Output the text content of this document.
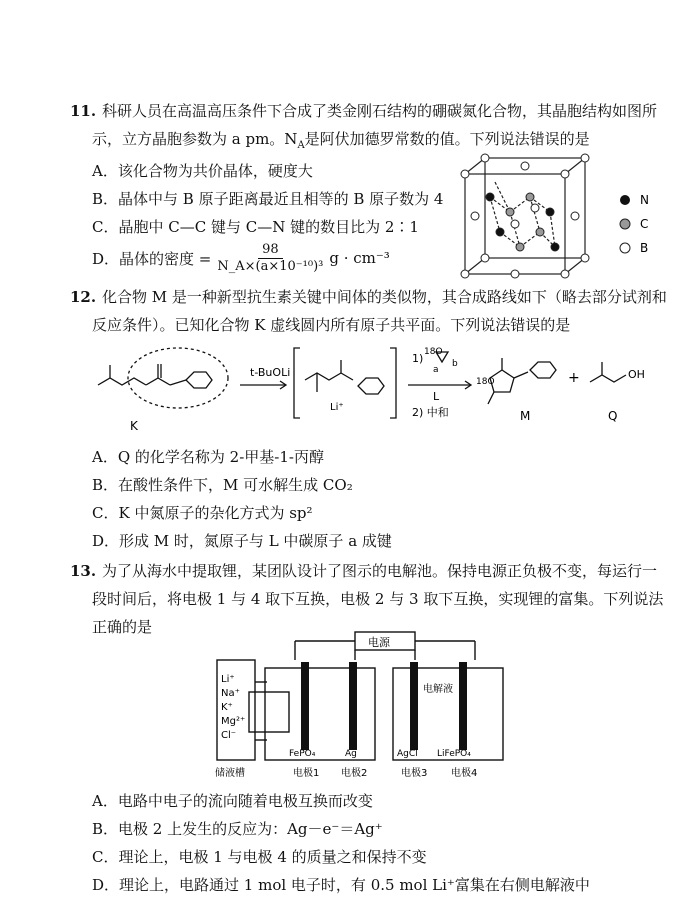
11. 科研人员在高温高压条件下合成了类金刚石结构的硼碳氮化合物，其晶胞结构如图所
示，立方晶胞参数为 a pm。$N_A$是阿伏加德罗常数的值。下列说法错误的是
A．该化合物为共价晶体，硬度大
B．晶体中与 B 原子距离最近且相等的 B 原子数为 4
C．晶胞中 C—C 键与 C—N 键的数目比为 2∶1
D．晶体的密度 = $\frac{98}{\text{N\_A×(a×10⁻¹⁰)³}}$ g · cm⁻³
N
C
B
12. 化合物 M 是一种新型抗生素关键中间体的类似物，其合成路线如下（略去部分试剂和
反应条件）。已知化合物 K 虚线圆内所有原子共平面。下列说法错误的是
t-BuOLi
1) 18O
a
b
L
2) 中和
Li⁺
K
18O
M
+	OH
Q
A．Q 的化学名称为 2-甲基-1-丙醇
B．在酸性条件下，M 可水解生成 CO₂
C．K 中氮原子的杂化方式为 sp²
D．形成 M 时，氮原子与 L 中碳原子 a 成键
13. 为了从海水中提取锂，某团队设计了图示的电解池。保持电源正负极不变，每运行一
段时间后，将电极 1 与 4 取下互换，电极 2 与 3 取下互换，实现锂的富集。下列说法
正确的是
电源
电解液
Li⁺
Na⁺
K⁺
Mg²⁺
Cl⁻
FePO₄	Ag	AgCl LiFePO₄
储液槽	电极1 电极2	电极3 电极4
A．电路中电子的流向随着电极互换而改变
B．电极 2 上发生的反应为：Ag－e⁻＝Ag⁺
C．理论上，电极 1 与电极 4 的质量之和保持不变
D．理论上，电路通过 1 mol 电子时，有 0.5 mol Li⁺富集在右侧电解液中
